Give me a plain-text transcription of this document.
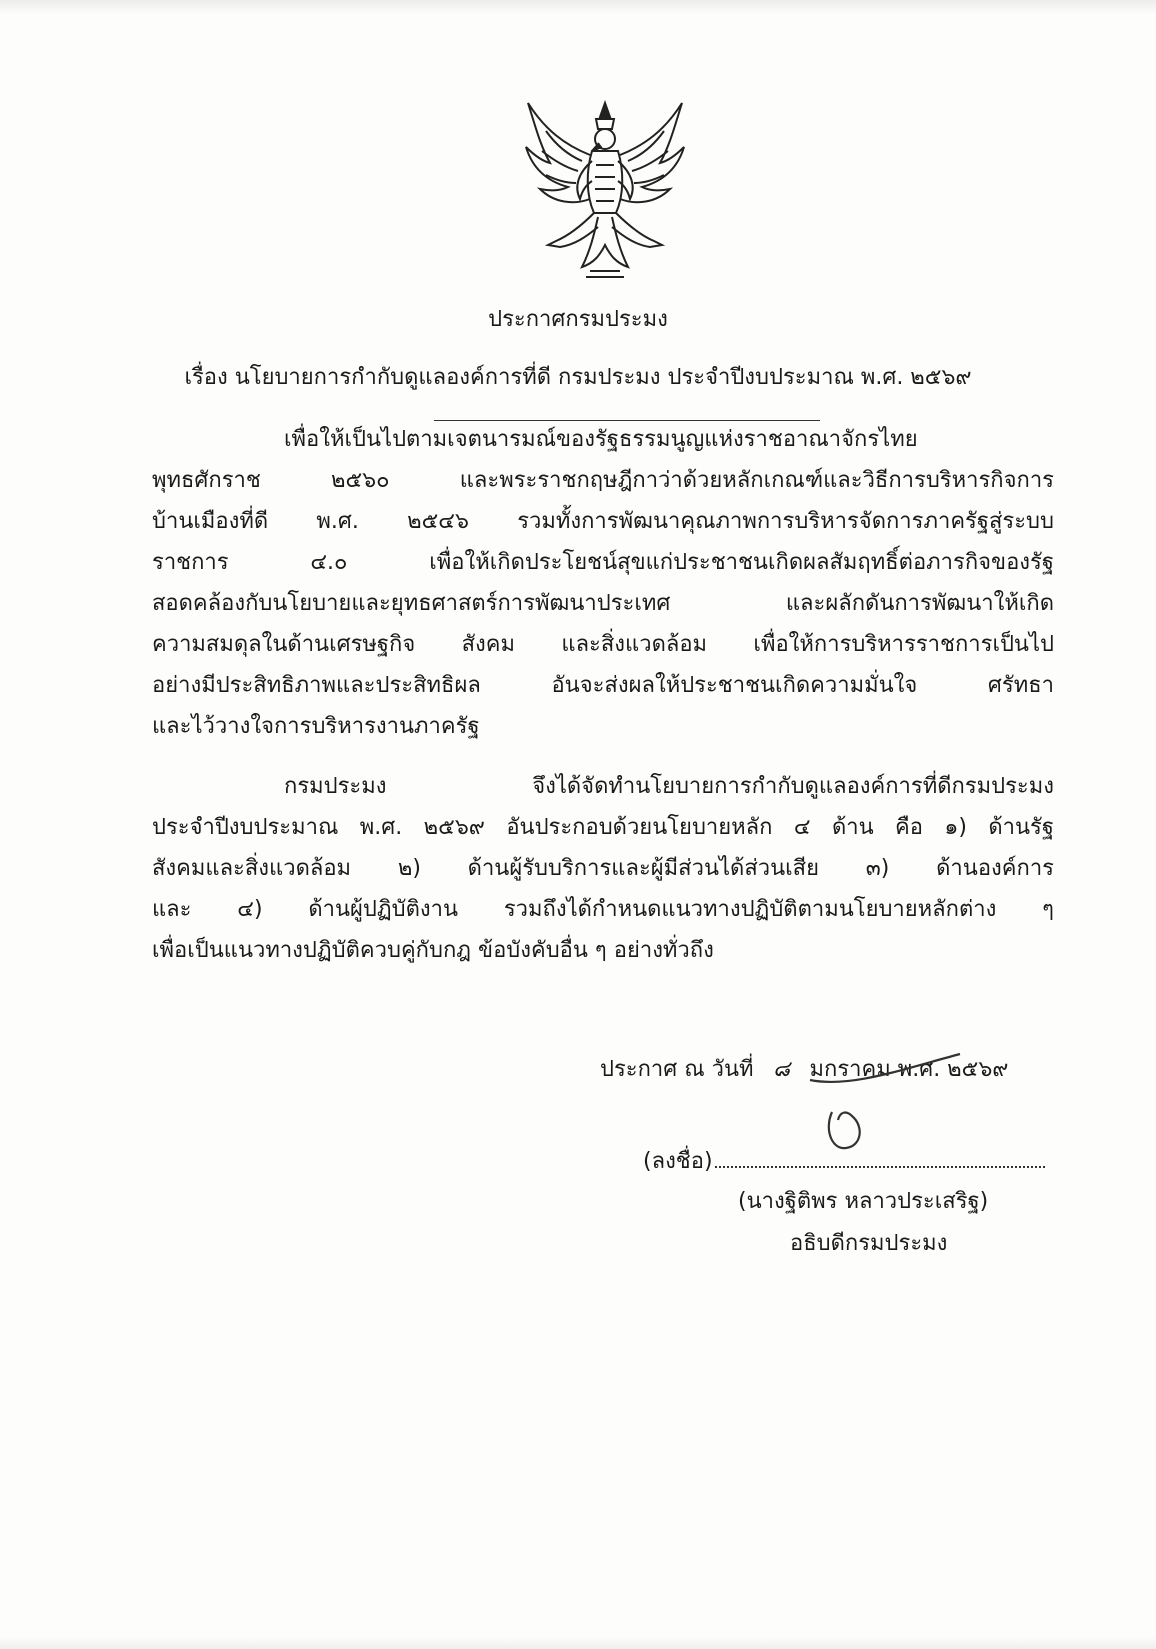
ประกาศกรมประมง
เรื่อง นโยบายการกำกับดูแลองค์การที่ดี กรมประมง ประจำปีงบประมาณ พ.ศ. ๒๕๖๙
เพื่อให้เป็นไปตามเจตนารมณ์ของรัฐธรรมนูญแห่งราชอาณาจักรไทย
พุทธศักราช ๒๕๖๐ และพระราชกฤษฎีกาว่าด้วยหลักเกณฑ์และวิธีการบริหารกิจการ
บ้านเมืองที่ดี พ.ศ. ๒๕๔๖ รวมทั้งการพัฒนาคุณภาพการบริหารจัดการภาครัฐสู่ระบบ
ราชการ ๔.๐ เพื่อให้เกิดประโยชน์สุขแก่ประชาชนเกิดผลสัมฤทธิ์ต่อภารกิจของรัฐ
สอดคล้องกับนโยบายและยุทธศาสตร์การพัฒนาประเทศ และผลักดันการพัฒนาให้เกิด
ความสมดุลในด้านเศรษฐกิจ สังคม และสิ่งแวดล้อม เพื่อให้การบริหารราชการเป็นไป
อย่างมีประสิทธิภาพและประสิทธิผล อันจะส่งผลให้ประชาชนเกิดความมั่นใจ ศรัทธา
และไว้วางใจการบริหารงานภาครัฐ
กรมประมง จึงได้จัดทำนโยบายการกำกับดูแลองค์การที่ดีกรมประมง
ประจำปีงบประมาณ พ.ศ. ๒๕๖๙ อันประกอบด้วยนโยบายหลัก ๔ ด้าน คือ ๑) ด้านรัฐ
สังคมและสิ่งแวดล้อม ๒) ด้านผู้รับบริการและผู้มีส่วนได้ส่วนเสีย ๓) ด้านองค์การ
และ ๔) ด้านผู้ปฏิบัติงาน รวมถึงได้กำหนดแนวทางปฏิบัติตามนโยบายหลักต่าง ๆ
เพื่อเป็นแนวทางปฏิบัติควบคู่กับกฎ ข้อบังคับอื่น ๆ อย่างทั่วถึง
ประกาศ ณ วันที่ ๘ มกราคม พ.ศ. ๒๕๖๙
(ลงชื่อ)
(นางฐิติพร หลาวประเสริฐ)
อธิบดีกรมประมง
